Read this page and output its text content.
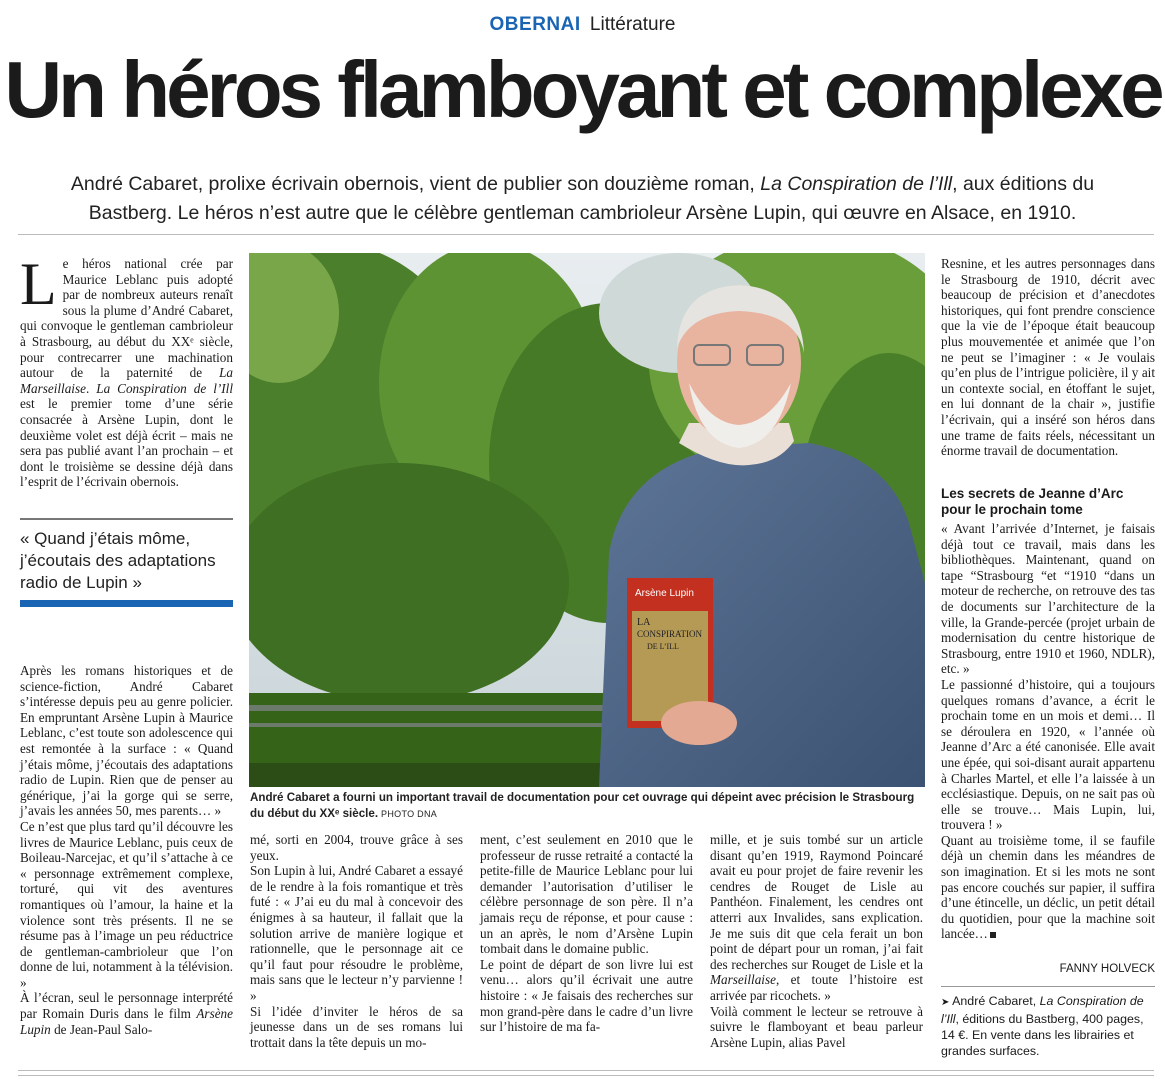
OBERNAI Littérature
Un héros flamboyant et complexe

André Cabaret, prolixe écrivain obernois, vient de publier son douzième roman, La Conspiration de l’Ill, aux éditions du
Bastberg. Le héros n’est autre que le célèbre gentleman cambrioleur Arsène Lupin, qui œuvre en Alsace, en 1910.

Le héros national crée par Maurice Leblanc puis adopté par de nombreux auteurs renaît sous la plume d’André Cabaret, qui convoque le gentleman cambrioleur à Strasbourg, au début du XXᵉ siècle, pour contrecarrer une machination autour de la paternité de La Marseillaise. La Conspiration de l’Ill est le premier tome d’une série consacrée à Arsène Lupin, dont le deuxième volet est déjà écrit – mais ne sera pas publié avant l’an prochain – et dont le troisième se dessine déjà dans l’esprit de l’écrivain obernois.
« Quand j’étais môme, j’écoutais des adaptations radio de Lupin »

Après les romans historiques et de science-fiction, André Cabaret s’intéresse depuis peu au genre policier. En empruntant Arsène Lupin à Maurice Leblanc, c’est toute son adolescence qui est remontée à la surface : « Quand j’étais môme, j’écoutais des adaptations radio de Lupin. Rien que de penser au générique, j’ai la gorge qui se serre, j’avais les années 50, mes parents… »

Ce n’est que plus tard qu’il découvre les livres de Maurice Leblanc, puis ceux de Boileau-Narcejac, et qu’il s’attache à ce « personnage extrêmement complexe, torturé, qui vit des aventures romantiques où l’amour, la haine et la violence sont très présents. Il ne se résume pas à l’image un peu réductrice de gentleman-cambrioleur que l’on donne de lui, notamment à la télévision. »

À l’écran, seul le personnage interprété par Romain Duris dans le film Arsène Lupin de Jean-Paul Salo-

Arsène Lupin
LA
CONSPIRATION
DE L’ILL
André Cabaret a fourni un important travail de documentation pour cet ouvrage qui dépeint avec précision le Strasbourg du début du XXᵉ siècle. PHOTO DNA

mé, sorti en 2004, trouve grâce à ses yeux.

Son Lupin à lui, André Cabaret a essayé de le rendre à la fois romantique et très futé : « J’ai eu du mal à concevoir des énigmes à sa hauteur, il fallait que la solution arrive de manière logique et rationnelle, que le personnage ait ce qu’il faut pour résoudre le problème, mais sans que le lecteur n’y parvienne ! »

Si l’idée d’inviter le héros de sa jeunesse dans un de ses romans lui trottait dans la tête depuis un mo-

ment, c’est seulement en 2010 que le professeur de russe retraité a contacté la petite-fille de Maurice Leblanc pour lui demander l’autorisation d’utiliser le célèbre personnage de son père. Il n’a jamais reçu de réponse, et pour cause : un an après, le nom d’Arsène Lupin tombait dans le domaine public.

Le point de départ de son livre lui est venu… alors qu’il écrivait une autre histoire : « Je faisais des recherches sur mon grand-père dans le cadre d’un livre sur l’histoire de ma fa-

mille, et je suis tombé sur un article disant qu’en 1919, Raymond Poincaré avait eu pour projet de faire revenir les cendres de Rouget de Lisle au Panthéon. Finalement, les cendres ont atterri aux Invalides, sans explication. Je me suis dit que cela ferait un bon point de départ pour un roman, j’ai fait des recherches sur Rouget de Lisle et la Marseillaise, et toute l’histoire est arrivée par ricochets. »

Voilà comment le lecteur se retrouve à suivre le flamboyant et beau parleur Arsène Lupin, alias Pavel

Resnine, et les autres personnages dans le Strasbourg de 1910, décrit avec beaucoup de précision et d’anecdotes historiques, qui font prendre conscience que la vie de l’époque était beaucoup plus mouvementée et animée que l’on ne peut se l’imaginer : « Je voulais qu’en plus de l’intrigue policière, il y ait un contexte social, en étoffant le sujet, en lui donnant de la chair », justifie l’écrivain, qui a inséré son héros dans une trame de faits réels, nécessitant un énorme travail de documentation.

Les secrets de Jeanne d’Arc pour le prochain tome

« Avant l’arrivée d’Internet, je faisais déjà tout ce travail, mais dans les bibliothèques. Maintenant, quand on tape “Strasbourg “et “1910 “dans un moteur de recherche, on retrouve des tas de documents sur l’architecture de la ville, la Grande-percée (projet urbain de modernisation du centre historique de Strasbourg, entre 1910 et 1960, NDLR), etc. »

Le passionné d’histoire, qui a toujours quelques romans d’avance, a écrit le prochain tome en un mois et demi… Il se déroulera en 1920, « l’année où Jeanne d’Arc a été canonisée. Elle avait une épée, qui soi-disant aurait appartenu à Charles Martel, et elle l’a laissée à un ecclésiastique. Depuis, on ne sait pas où elle se trouve… Mais Lupin, lui, trouvera ! »

Quant au troisième tome, il se faufile déjà un chemin dans les méandres de son imagination. Et si les mots ne sont pas encore couchés sur papier, il suffira d’une étincelle, un déclic, un petit détail du quotidien, pour que la machine soit lancée…

FANNY HOLVECK
➤ André Cabaret, La Conspiration de l’Ill, éditions du Bastberg, 400 pages, 14 €. En vente dans les librairies et grandes surfaces.
